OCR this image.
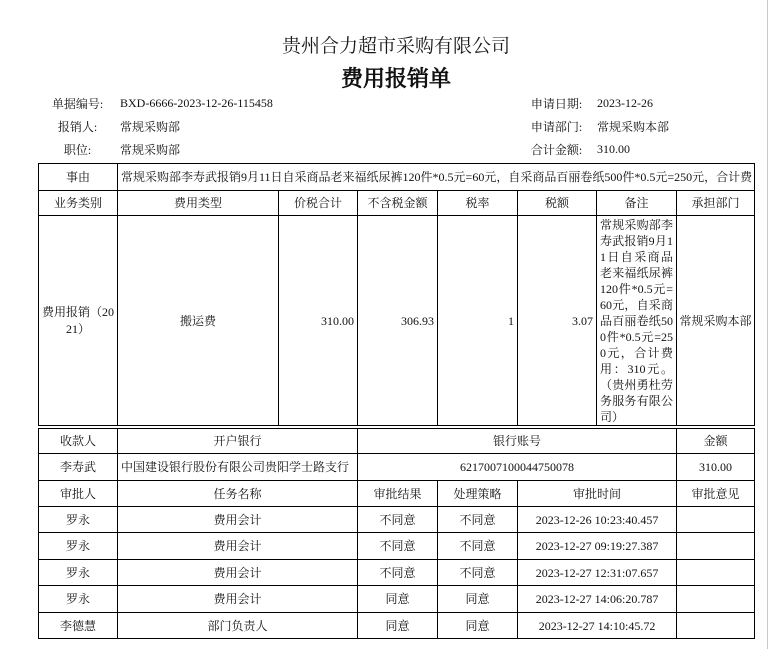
贵州合力超市采购有限公司
费用报销单
单据编号:	BXD-6666-2023-12-26-115458	申请日期:	2023-12-26
报销人:	常规采购部	申请部门:	常规采购本部
职位:	常规采购部	合计金额:	310.00
事由	常规采购部李寿武报销9月11日自采商品老来福纸尿裤120件*0.5元=60元，自采商品百丽卷纸500件*0.5元=250元，合计费						
业务类别	费用类型	价税合计	不含税金额	税率	税额	备注	承担部门
费用报销（2021）	搬运费	310.00	306.93	1	3.07	常规采购部李寿武报销9月11日自采商品老来福纸尿裤120件*0.5元=60元，自采商品百丽卷纸500件*0.5元=250元，合计费用：310元。（贵州勇杜劳务服务有限公司）	常规采购本部
收款人	开户银行	银行账号			金额
李寿武	中国建设银行股份有限公司贵阳学士路支行	6217007100044750078			310.00
审批人	任务名称	审批结果	处理策略	审批时间	审批意见
罗永	费用会计	不同意	不同意	2023-12-26 10:23:40.457	
罗永	费用会计	不同意	不同意	2023-12-27 09:19:27.387	
罗永	费用会计	不同意	不同意	2023-12-27 12:31:07.657	
罗永	费用会计	同意	同意	2023-12-27 14:06:20.787	
李德慧	部门负责人	同意	同意	2023-12-27 14:10:45.72	
